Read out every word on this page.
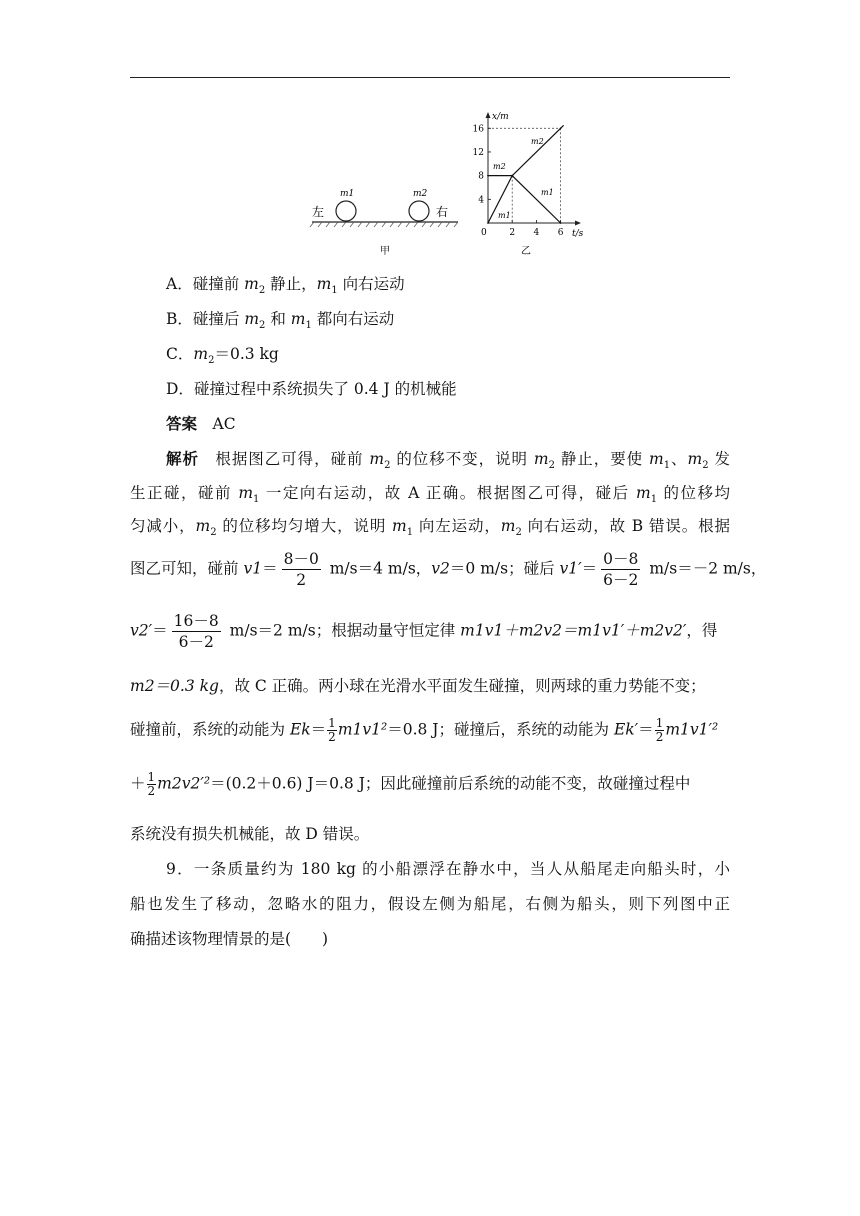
左	右
m1	m2
甲
x/m
t/s
0
4
8
12
16
2 4 6
m2
m2
m1
m1
乙
A．碰撞前 $m_2$ 静止，$m_1$ 向右运动
B．碰撞后 $m_2$ 和 $m_1$ 都向右运动
C．$m_2=0.3$ kg
D．碰撞过程中系统损失了 0.4 J 的机械能
答案　 AC
解析　 根据图乙可得，碰前 $m_2$ 的位移不变，说明 $m_2$ 静止，要使 $m_1$、$m_2$ 发
生正碰，碰前 $m_1$ 一定向右运动，故 A 正确。根据图乙可得，碰后 $m_1$ 的位移均
匀减小，$m_2$ 的位移均匀增大，说明 $m_1$ 向左运动，$m_2$ 向右运动，故 B 错误。根据
图乙可知，碰前 $v1= \frac{8-0}{2} m/s=4$ m/s，v2＝0 m/s；碰后 $v1'= \frac{0-8}{6-2} m/s=-2$ m/s，
$v2'= \frac{16-8}{6-2} m/s=2$ m/s；根据动量守恒定律 m1v1＋m2v2＝m1v1′＋m2v2′，得
m2＝0.3 kg，故 C 正确。两小球在光滑水平面发生碰撞，则两球的重力势能不变；
碰撞前，系统的动能为 $Ek= \frac{1}{2} m1v1^2=0.8$ J；碰撞后，系统的动能为 $Ek'= \frac{1}{2} m1v1'^2$
＋ $\frac{1}{2} m2v2'^2=(0.2+0.6)$ J＝0.8 J；因此碰撞前后系统的动能不变，故碰撞过程中
系统没有损失机械能，故 D 错误。
9．一条质量约为 180 kg 的小船漂浮在静水中，当人从船尾走向船头时，小
船也发生了移动，忽略水的阻力，假设左侧为船尾，右侧为船头，则下列图中正
确描述该物理情景的是(　　)
